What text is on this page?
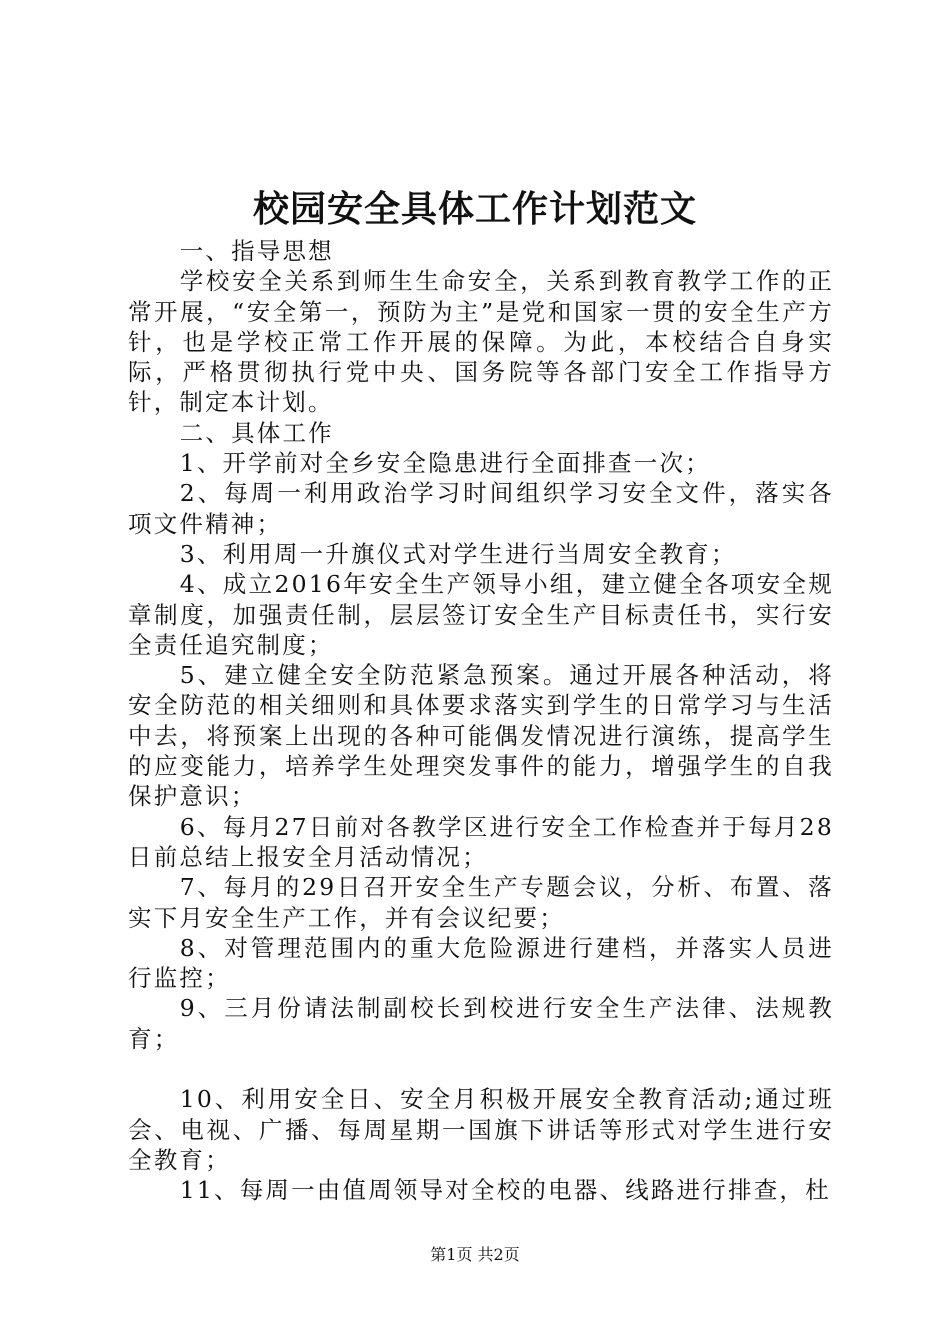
校园安全具体工作计划范文

一、指导思想

学校安全关系到师生生命安全，关系到教育教学工作的正常开展，“安全第一，预防为主”是党和国家一贯的安全生产方针，也是学校正常工作开展的保障。为此，本校结合自身实际，严格贯彻执行党中央、国务院等各部门安全工作指导方针，制定本计划。

二、具体工作

1、开学前对全乡安全隐患进行全面排查一次；

2、每周一利用政治学习时间组织学习安全文件，落实各项文件精神；

3、利用周一升旗仪式对学生进行当周安全教育；

4、成立2016年安全生产领导小组，建立健全各项安全规章制度，加强责任制，层层签订安全生产目标责任书，实行安全责任追究制度；

5、建立健全安全防范紧急预案。通过开展各种活动，将安全防范的相关细则和具体要求落实到学生的日常学习与生活中去，将预案上出现的各种可能偶发情况进行演练，提高学生的应变能力，培养学生处理突发事件的能力，增强学生的自我保护意识；

6、每月27日前对各教学区进行安全工作检查并于每月28日前总结上报安全月活动情况；

7、每月的29日召开安全生产专题会议，分析、布置、落实下月安全生产工作，并有会议纪要；

8、对管理范围内的重大危险源进行建档，并落实人员进行监控；

9、三月份请法制副校长到校进行安全生产法律、法规教育；

10、利用安全日、安全月积极开展安全教育活动;通过班会、电视、广播、每周星期一国旗下讲话等形式对学生进行安全教育；

11、每周一由值周领导对全校的电器、线路进行排查，杜

第1页 共2页
